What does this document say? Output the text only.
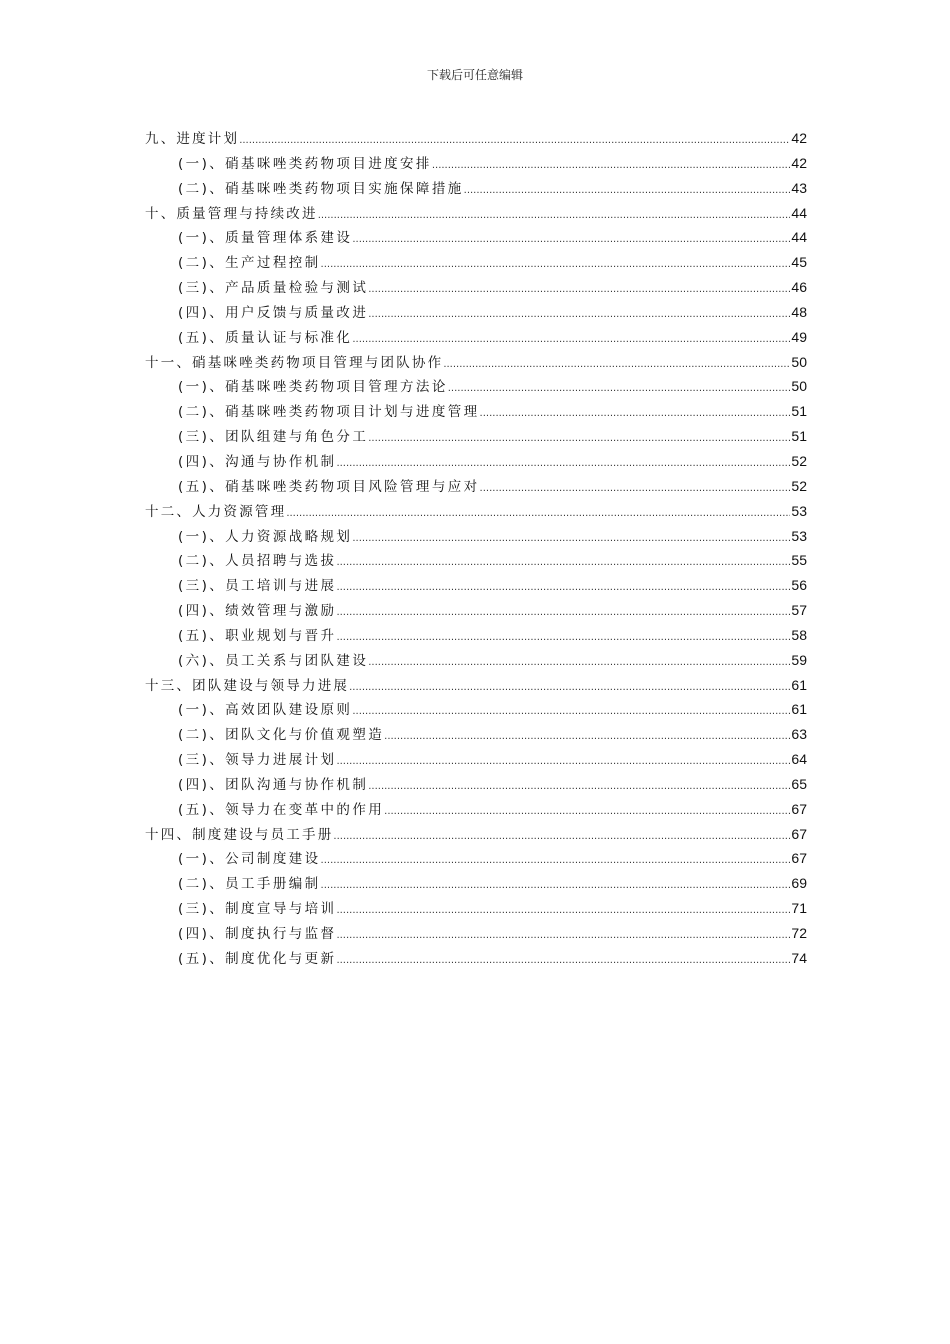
下载后可任意编辑
九、进度计划 .....	42
(一)、硝基咪唑类药物项目进度安排 .....	42
(二)、硝基咪唑类药物项目实施保障措施 .....	43
十、质量管理与持续改进 .....	44
(一)、质量管理体系建设 .....	44
(二)、生产过程控制 .....	45
(三)、产品质量检验与测试 .....	46
(四)、用户反馈与质量改进 .....	48
(五)、质量认证与标准化 .....	49
十一、硝基咪唑类药物项目管理与团队协作 .....	50
(一)、硝基咪唑类药物项目管理方法论 .....	50
(二)、硝基咪唑类药物项目计划与进度管理 .....	51
(三)、团队组建与角色分工 .....	51
(四)、沟通与协作机制 .....	52
(五)、硝基咪唑类药物项目风险管理与应对 .....	52
十二、人力资源管理 .....	53
(一)、人力资源战略规划 .....	53
(二)、人员招聘与选拔 .....	55
(三)、员工培训与进展 .....	56
(四)、绩效管理与激励 .....	57
(五)、职业规划与晋升 .....	58
(六)、员工关系与团队建设 .....	59
十三、团队建设与领导力进展 .....	61
(一)、高效团队建设原则 .....	61
(二)、团队文化与价值观塑造 .....	63
(三)、领导力进展计划 .....	64
(四)、团队沟通与协作机制 .....	65
(五)、领导力在变革中的作用 .....	67
十四、制度建设与员工手册 .....	67
(一)、公司制度建设 .....	67
(二)、员工手册编制 .....	69
(三)、制度宣导与培训 .....	71
(四)、制度执行与监督 .....	72
(五)、制度优化与更新 .....	74
